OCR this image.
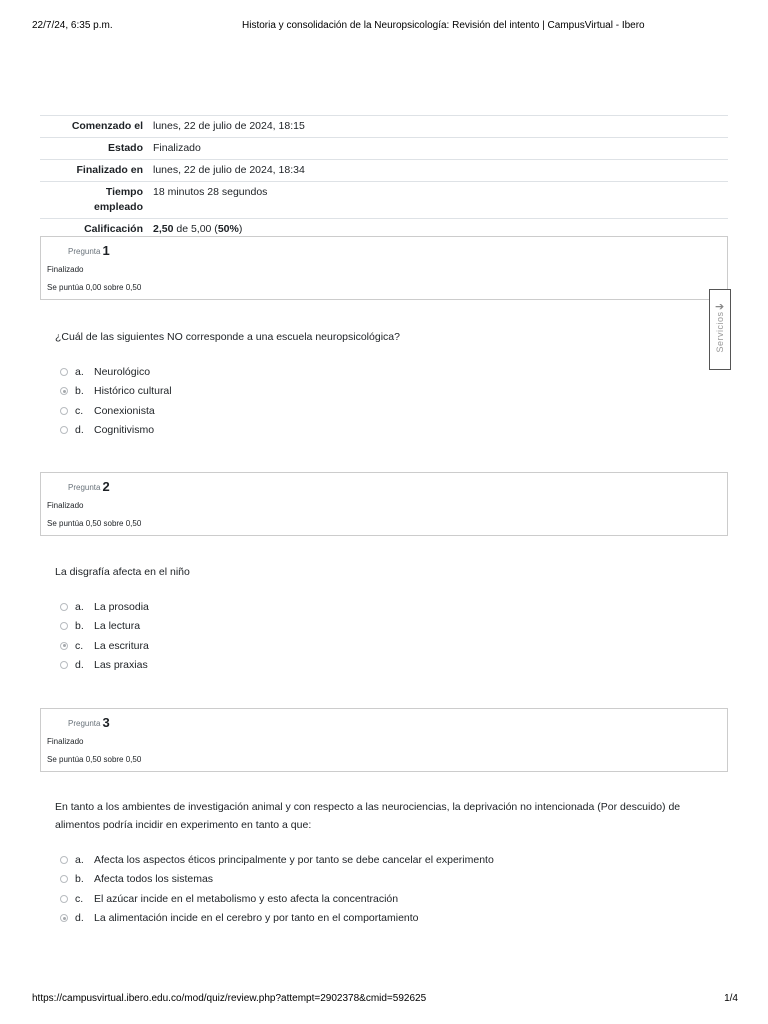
22/7/24, 6:35 p.m.	Historia y consolidación de la Neuropsicología: Revisión del intento | CampusVirtual - Ibero
Comenzado el lunes, 22 de julio de 2024, 18:15
Estado Finalizado
Finalizado en lunes, 22 de julio de 2024, 18:34
Tiempo
empleado
18 minutos 28 segundos
Calificación 2,50 de 5,00 (50%)
Pregunta 1
Finalizado
Se puntúa 0,00 sobre 0,50
¿Cuál de las siguientes NO corresponde a una escuela neuropsicológica?
a. Neurológico
b. Histórico cultural
c.	Conexionista
d. Cognitivismo
➔
Servicios
Pregunta 2
Finalizado
Se puntúa 0,50 sobre 0,50
La disgrafía afecta en el niño
a. La prosodia
b. La lectura
c.	La escritura
d. Las praxias
Pregunta 3
Finalizado
Se puntúa 0,50 sobre 0,50
En tanto a los ambientes de investigación animal y con respecto a las neurociencias, la deprivación no intencionada (Por descuido) de alimentos podría incidir en experimento en tanto a que:
a. Afecta los aspectos éticos principalmente y por tanto se debe cancelar el experimento
b. Afecta todos los sistemas
c.	El azúcar incide en el metabolismo y esto afecta la concentración
d. La alimentación incide en el cerebro y por tanto en el comportamiento
https://campusvirtual.ibero.edu.co/mod/quiz/review.php?attempt=2902378&cmid=592625	1/4
